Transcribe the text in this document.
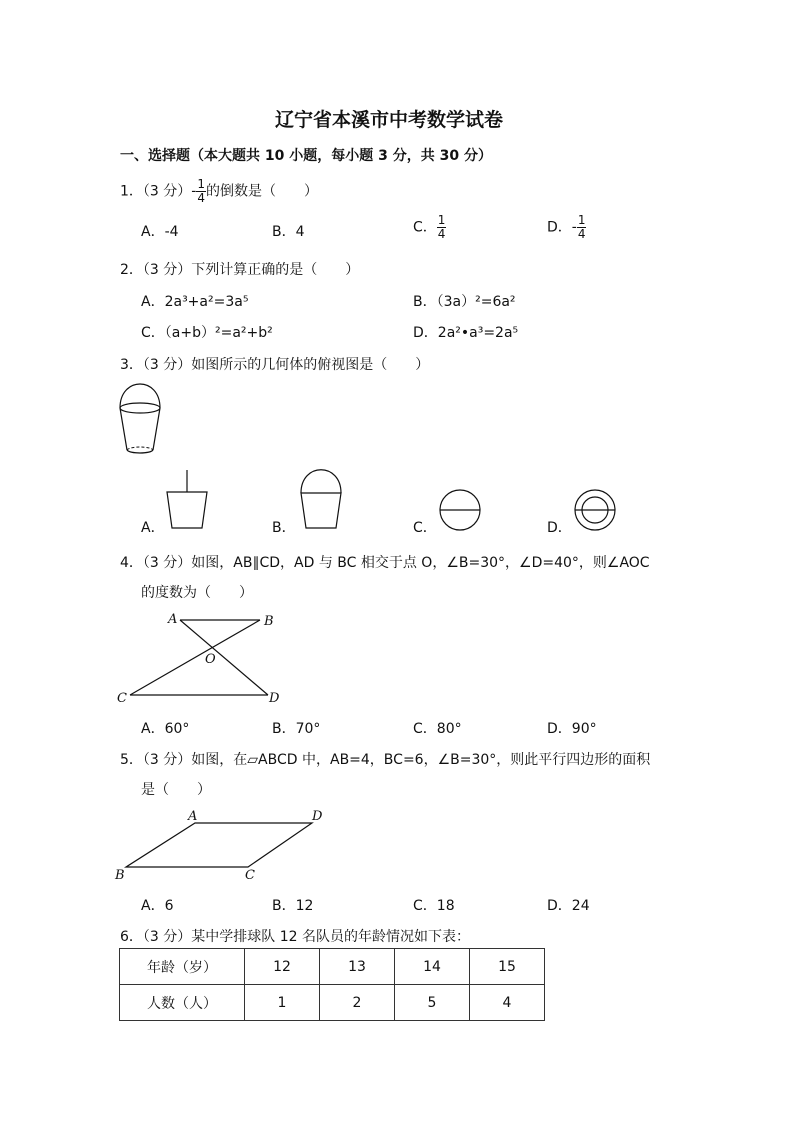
辽宁省本溪市中考数学试卷
一、选择题（本大题共 10 小题，每小题 3 分，共 30 分）
1．（3 分）- $\frac{1}{4}$ 的倒数是（　　）
A．-4	B．4	C． $\frac{1}{4}$	D．- $\frac{1}{4}$
2．（3 分）下列计算正确的是（　　）
A．2a³+a²=3a⁵	B．（3a）²=6a²
C．（a+b）²=a²+b²	D．2a²•a³=2a⁵
3．（3 分）如图所示的几何体的俯视图是（　　）
A．	B．	C．	D．
4．（3 分）如图，AB∥CD，AD 与 BC 相交于点 O，∠B=30°，∠D=40°，则∠AOC
的度数为（　　）
A	B
C	D
O
A．60°	B．70°	C．80°	D．90°
5．（3 分）如图，在▱ABCD 中，AB=4，BC=6，∠B=30°，则此平行四边形的面积
是（　　）
A	D
B	C
A．6	B．12	C．18	D．24
6．（3 分）某中学排球队 12 名队员的年龄情况如下表：
年龄（岁）	12	13	14	15
人数（人）	1	2	5	4
